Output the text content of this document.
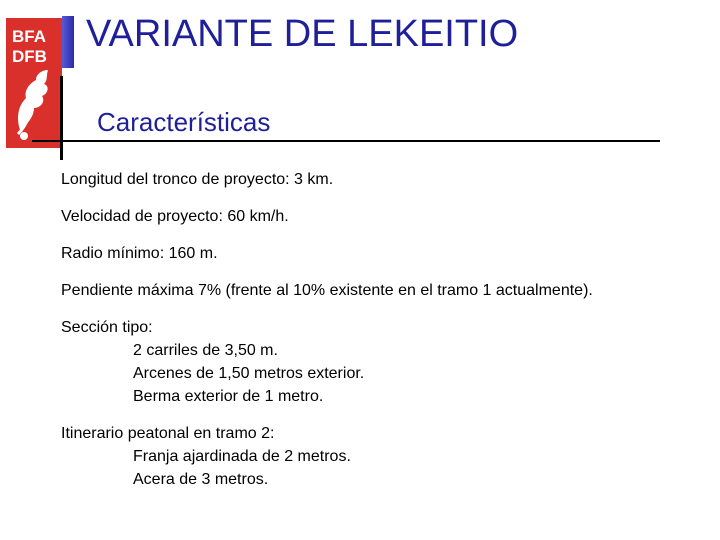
BFA
DFB
VARIANTE DE LEKEITIO
Características

Longitud del tronco de proyecto: 3 km.

Velocidad de proyecto: 60 km/h.

Radio mínimo: 160 m.

Pendiente máxima 7% (frente al 10% existente en el tramo 1 actualmente).

Sección tipo:

2 carriles de 3,50 m.
Arcenes de 1,50 metros exterior.
Berma exterior de 1 metro.

Itinerario peatonal en tramo 2:

Franja ajardinada de 2 metros.
Acera de 3 metros.
